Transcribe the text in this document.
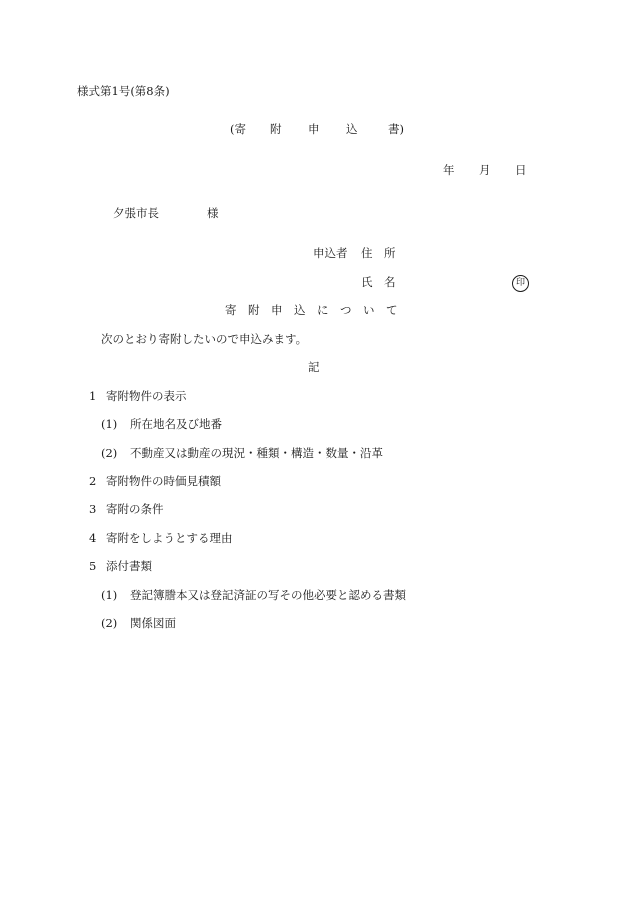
様式第1号(第8条)
(寄 附 申 込	書)
年 月 日
夕張市長	様
申込者 住 所
氏 名	印
寄 附 申 込 に つ い て
次のとおり寄附したいので申込みます。
記
1 寄附物件の表示
(1) 所在地名及び地番
(2) 不動産又は動産の現況・種類・構造・数量・沿革
2 寄附物件の時価見積額
3 寄附の条件
4 寄附をしようとする理由
5 添付書類
(1) 登記簿謄本又は登記済証の写その他必要と認める書類
(2) 関係図面
